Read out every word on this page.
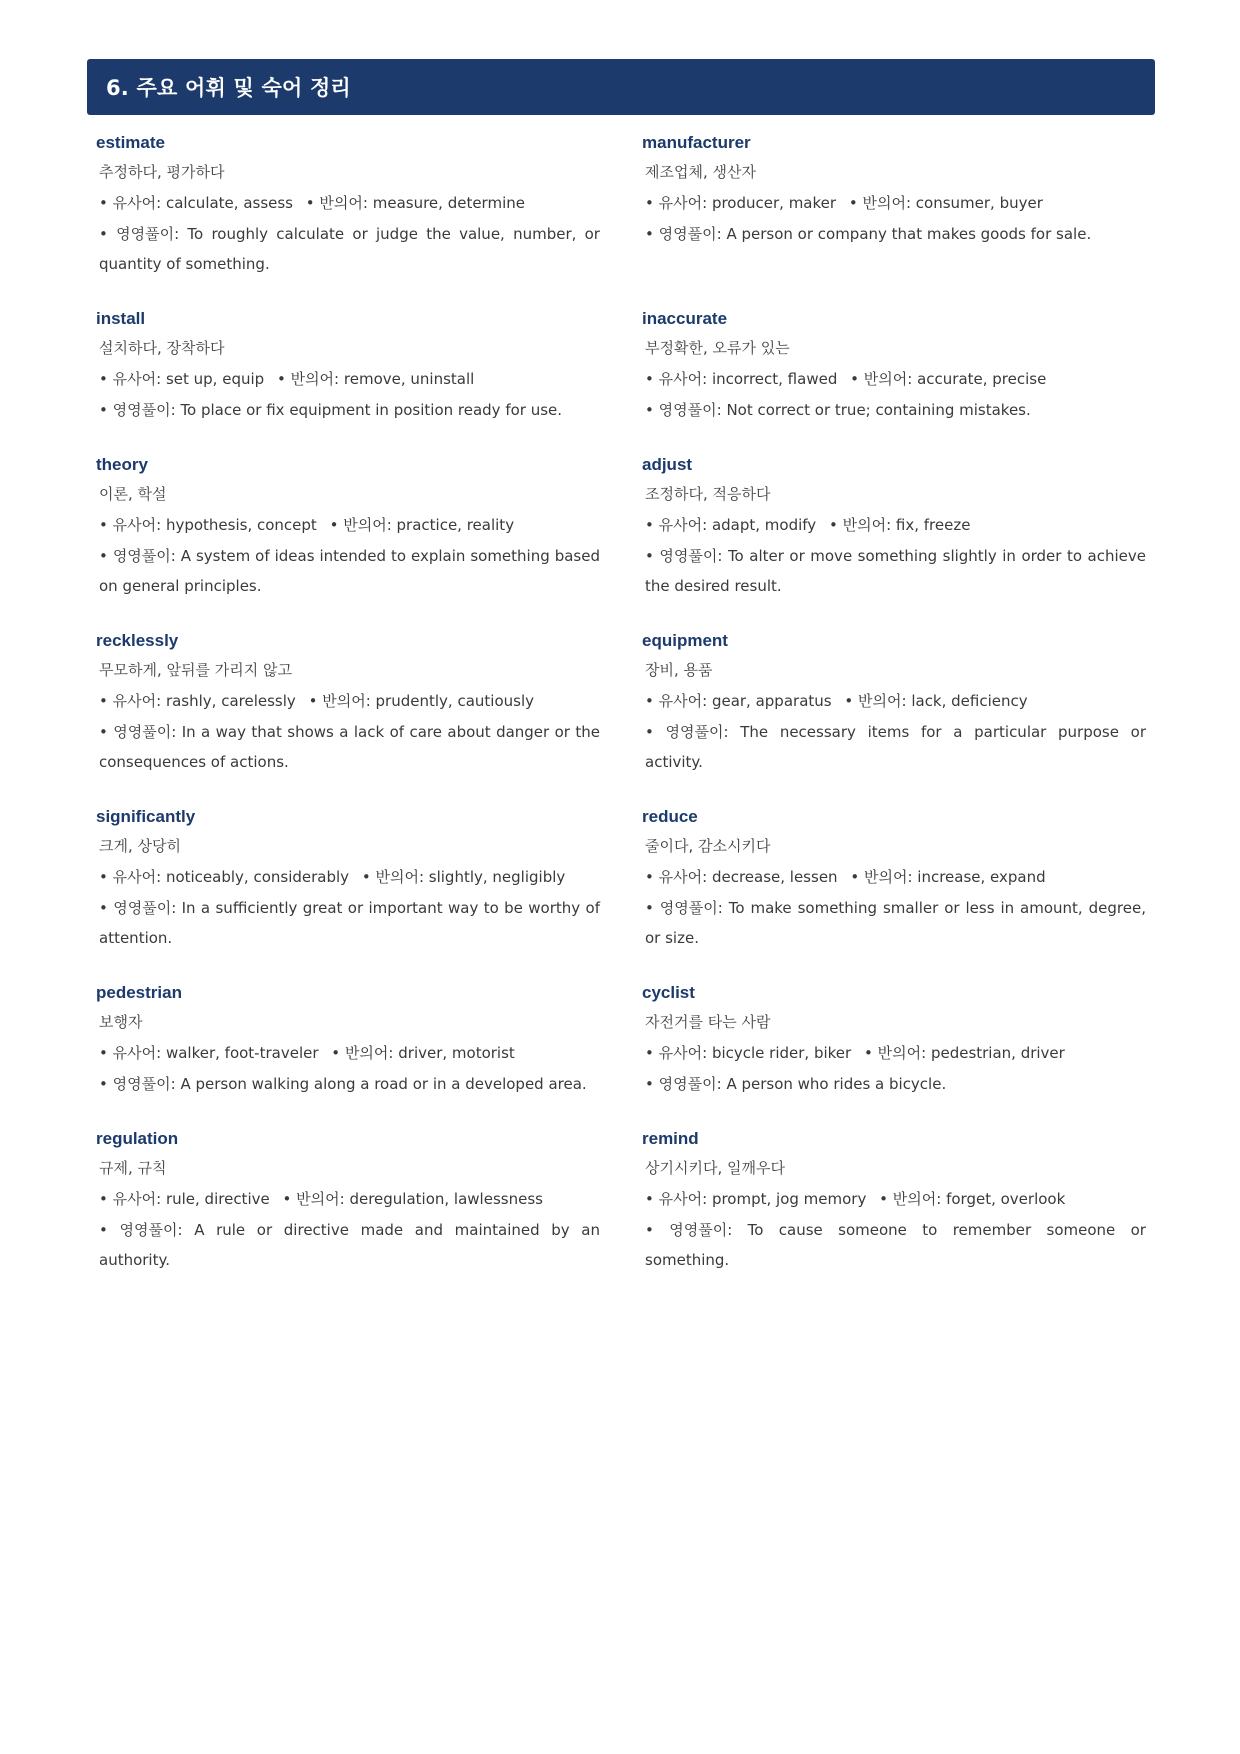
6. 주요 어휘 및 숙어 정리
estimate
추정하다, 평가하다
• 유사어: calculate, assess • 반의어: measure, determine
• 영영풀이: To roughly calculate or judge the value, number, or quantity of something.
manufacturer
제조업체, 생산자
• 유사어: producer, maker • 반의어: consumer, buyer
• 영영풀이: A person or company that makes goods for sale.
install
설치하다, 장착하다
• 유사어: set up, equip • 반의어: remove, uninstall
• 영영풀이: To place or fix equipment in position ready for use.
inaccurate
부정확한, 오류가 있는
• 유사어: incorrect, flawed • 반의어: accurate, precise
• 영영풀이: Not correct or true; containing mistakes.
theory
이론, 학설
• 유사어: hypothesis, concept • 반의어: practice, reality
• 영영풀이: A system of ideas intended to explain something based on general principles.
adjust
조정하다, 적응하다
• 유사어: adapt, modify • 반의어: fix, freeze
• 영영풀이: To alter or move something slightly in order to achieve the desired result.
recklessly
무모하게, 앞뒤를 가리지 않고
• 유사어: rashly, carelessly • 반의어: prudently, cautiously
• 영영풀이: In a way that shows a lack of care about danger or the consequences of actions.
equipment
장비, 용품
• 유사어: gear, apparatus • 반의어: lack, deficiency
• 영영풀이: The necessary items for a particular purpose or activity.
significantly
크게, 상당히
• 유사어: noticeably, considerably • 반의어: slightly, negligibly
• 영영풀이: In a sufficiently great or important way to be worthy of attention.
reduce
줄이다, 감소시키다
• 유사어: decrease, lessen • 반의어: increase, expand
• 영영풀이: To make something smaller or less in amount, degree, or size.
pedestrian
보행자
• 유사어: walker, foot-traveler • 반의어: driver, motorist
• 영영풀이: A person walking along a road or in a developed area.
cyclist
자전거를 타는 사람
• 유사어: bicycle rider, biker • 반의어: pedestrian, driver
• 영영풀이: A person who rides a bicycle.
regulation
규제, 규칙
• 유사어: rule, directive • 반의어: deregulation, lawlessness
• 영영풀이: A rule or directive made and maintained by an authority.
remind
상기시키다, 일깨우다
• 유사어: prompt, jog memory • 반의어: forget, overlook
• 영영풀이: To cause someone to remember someone or something.
